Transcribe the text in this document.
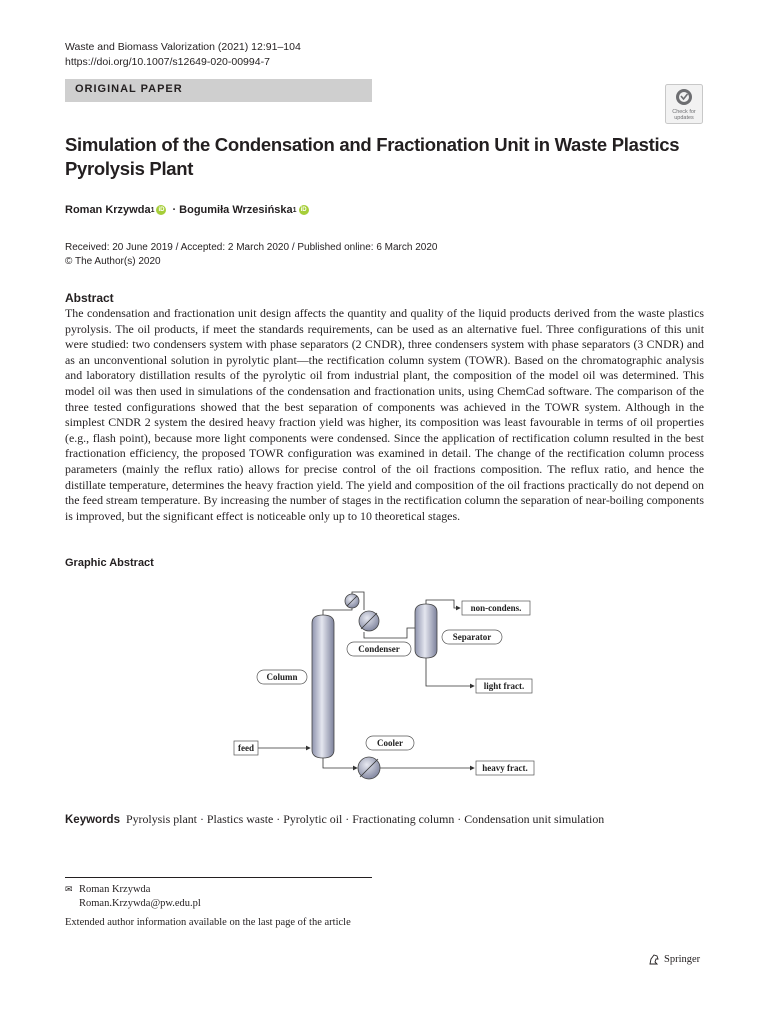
Waste and Biomass Valorization (2021) 12:91–104
https://doi.org/10.1007/s12649-020-00994-7
ORIGINAL PAPER
Check for
updates
Simulation of the Condensation and Fractionation Unit in Waste Plastics Pyrolysis Plant
Roman Krzywda 1 iD · Bogumiła Wrzesińska 1 iD
Received: 20 June 2019 / Accepted: 2 March 2020 / Published online: 6 March 2020
© The Author(s) 2020
Abstract
The condensation and fractionation unit design affects the quantity and quality of the liquid products derived from the waste plastics pyrolysis. The oil products, if meet the standards requirements, can be used as an alternative fuel. Three configurations of this unit were studied: two condensers system with phase separators (2 CNDR), three condensers system with phase separators (3 CNDR) and as an unconventional solution in pyrolytic plant—the rectification column system (TOWR). Based on the chromatographic analysis and laboratory distillation results of the pyrolytic oil from industrial plant, the composition of the model oil was determined. This model oil was then used in simulations of the condensation and fractionation units, using ChemCad software. The comparison of the three tested configurations showed that the best separation of components was achieved in the TOWR system. Although in the simplest CNDR 2 system the desired heavy fraction yield was higher, its composition was least favourable in terms of oil properties (e.g., flash point), because more light components were condensed. Since the application of rectification column resulted in the best fractionation efficiency, the proposed TOWR configuration was examined in detail. The change of the rectification column process parameters (mainly the reflux ratio) allows for precise control of the oil fractions composition. The reflux ratio, and hence the distillate temperature, determines the heavy fraction yield. The yield and composition of the oil fractions practically do not depend on the feed stream temperature. By increasing the number of stages in the rectification column the separation of near-boiling components is improved, but the significant effect is noticeable only up to 10 theoretical stages.
Graphic Abstract
Column
Condenser
Separator
Cooler
feed
non-condens.
light fract.
heavy fract.
Keywords Pyrolysis plant · Plastics waste · Pyrolytic oil · Fractionating column · Condensation unit simulation
✉ Roman Krzywda
Roman.Krzywda@pw.edu.pl
Extended author information available on the last page of the article
Springer
